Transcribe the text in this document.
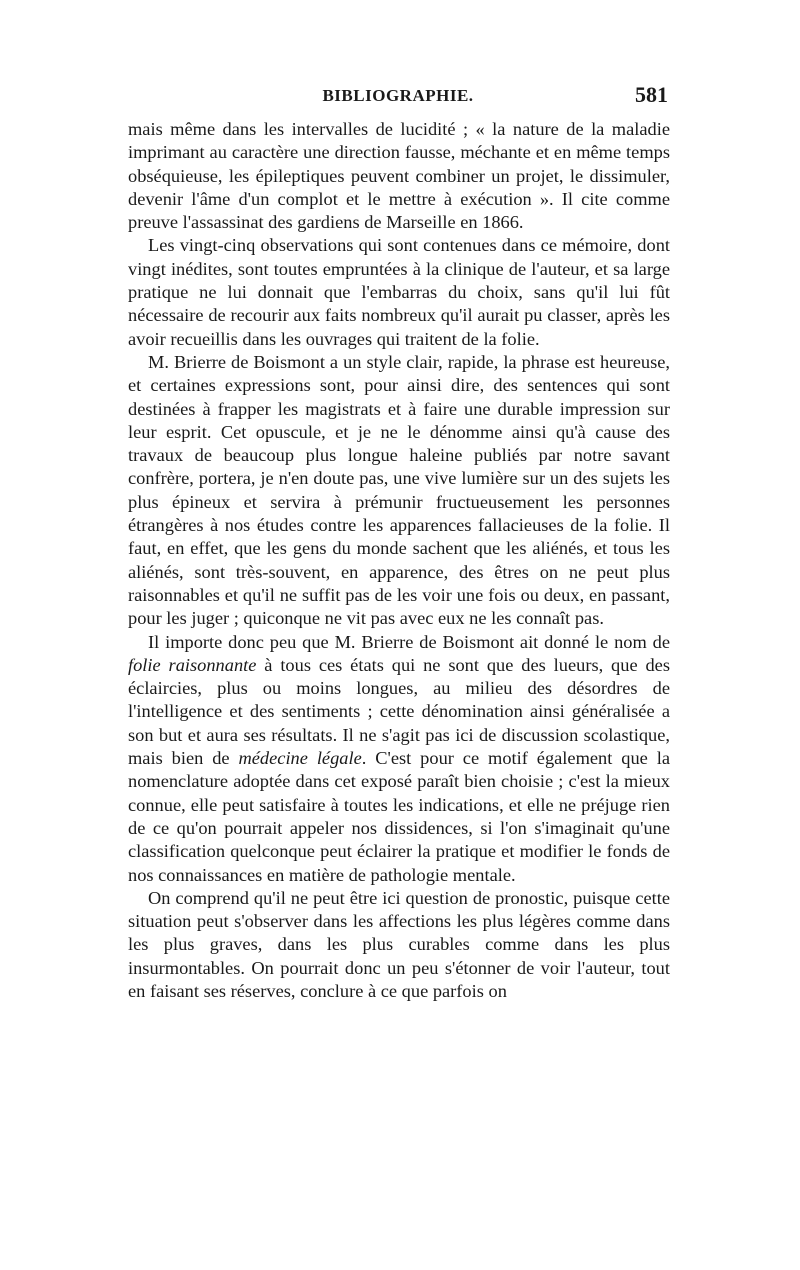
BIBLIOGRAPHIE.	581

mais même dans les intervalles de lucidité ; « la nature de la maladie imprimant au caractère une direction fausse, méchante et en même temps obséquieuse, les épileptiques peuvent combiner un projet, le dissimuler, devenir l'âme d'un complot et le mettre à exécution ». Il cite comme preuve l'assassinat des gardiens de Marseille en 1866.

Les vingt-cinq observations qui sont contenues dans ce mémoire, dont vingt inédites, sont toutes empruntées à la clinique de l'auteur, et sa large pratique ne lui donnait que l'embarras du choix, sans qu'il lui fût nécessaire de recourir aux faits nombreux qu'il aurait pu classer, après les avoir recueillis dans les ouvrages qui traitent de la folie.

M. Brierre de Boismont a un style clair, rapide, la phrase est heureuse, et certaines expressions sont, pour ainsi dire, des sentences qui sont destinées à frapper les magistrats et à faire une durable impression sur leur esprit. Cet opuscule, et je ne le dénomme ainsi qu'à cause des travaux de beaucoup plus longue haleine publiés par notre savant confrère, portera, je n'en doute pas, une vive lumière sur un des sujets les plus épineux et servira à prémunir fructueusement les personnes étrangères à nos études contre les apparences fallacieuses de la folie. Il faut, en effet, que les gens du monde sachent que les aliénés, et tous les aliénés, sont très-souvent, en apparence, des êtres on ne peut plus raisonnables et qu'il ne suffit pas de les voir une fois ou deux, en passant, pour les juger ; quiconque ne vit pas avec eux ne les connaît pas.

Il importe donc peu que M. Brierre de Boismont ait donné le nom de folie raisonnante à tous ces états qui ne sont que des lueurs, que des éclaircies, plus ou moins longues, au milieu des désordres de l'intelligence et des sentiments ; cette dénomination ainsi généralisée a son but et aura ses résultats. Il ne s'agit pas ici de discussion scolastique, mais bien de médecine légale. C'est pour ce motif également que la nomenclature adoptée dans cet exposé paraît bien choisie ; c'est la mieux connue, elle peut satisfaire à toutes les indications, et elle ne préjuge rien de ce qu'on pourrait appeler nos dissidences, si l'on s'imaginait qu'une classification quelconque peut éclairer la pratique et modifier le fonds de nos connaissances en matière de pathologie mentale.

On comprend qu'il ne peut être ici question de pronostic, puisque cette situation peut s'observer dans les affections les plus légères comme dans les plus graves, dans les plus curables comme dans les plus insurmontables. On pourrait donc un peu s'étonner de voir l'auteur, tout en faisant ses réserves, conclure à ce que parfois on
